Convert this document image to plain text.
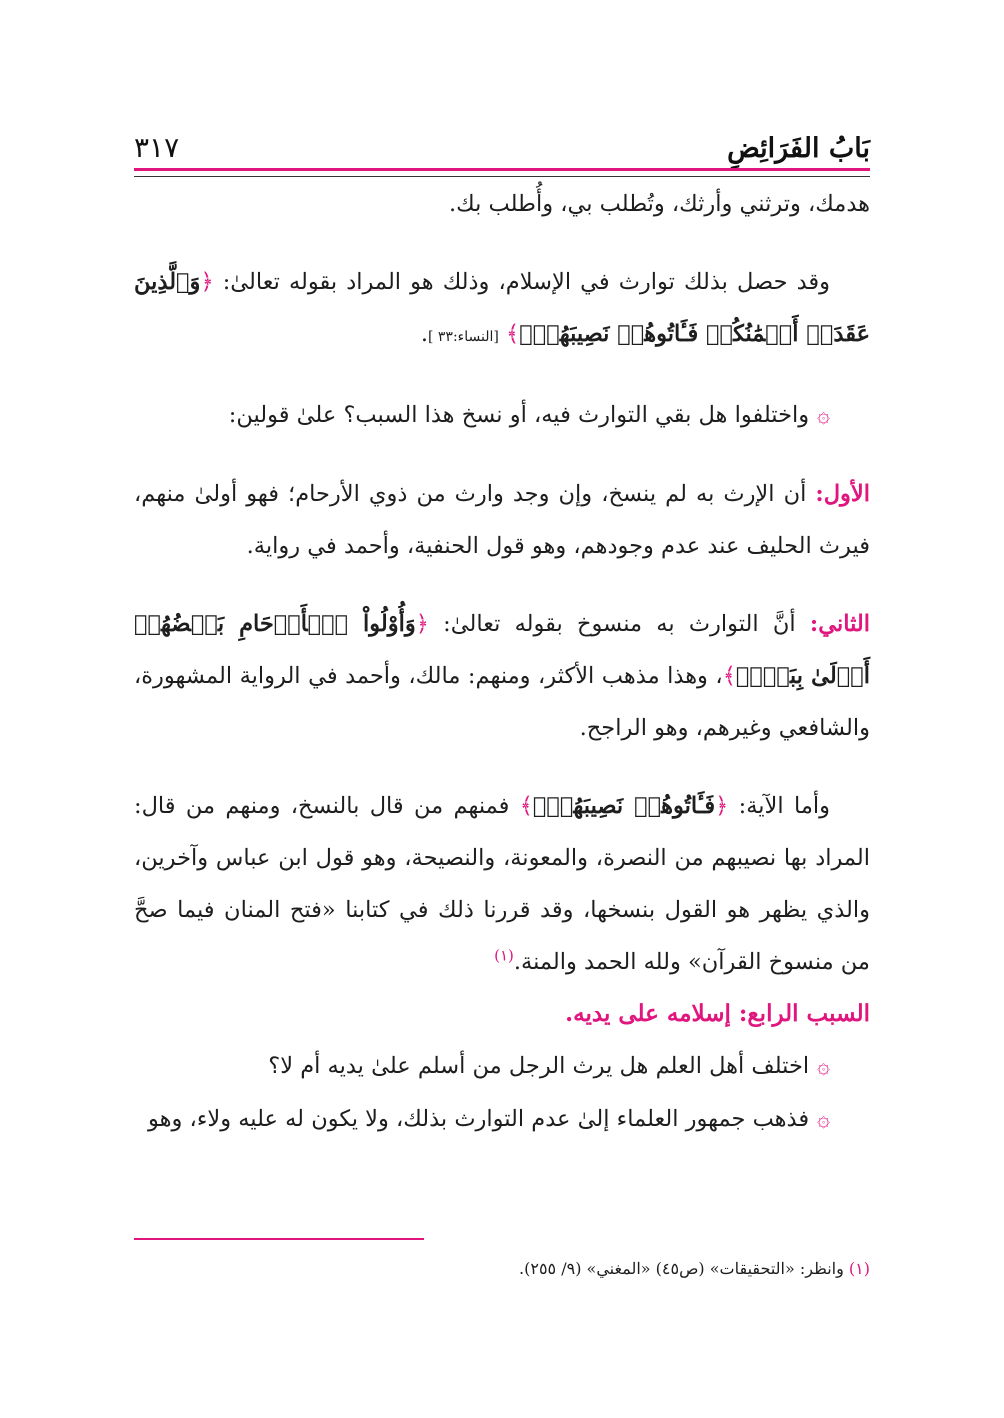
بَابُ الفَرَائِضِ
٣١٧

هدمك، وترثني وأرثك، وتُطلب بي، وأُطلب بك.

وقد حصل بذلك توارث في الإسلام، وذلك هو المراد بقوله تعالىٰ: ﴿وَٱلَّذِينَ عَقَدَتۡ أَيۡمَٰنُكُمۡ فَـَٔاتُوهُمۡ نَصِيبَهُمۡۚ﴾ [النساء:٣٣ ].

۞واختلفوا هل بقي التوارث فيه، أو نسخ هذا السبب؟ علىٰ قولين:

الأول: أن الإرث به لم ينسخ، وإن وجد وارث من ذوي الأرحام؛ فهو أولىٰ منهم، فيرث الحليف عند عدم وجودهم، وهو قول الحنفية، وأحمد في رواية.

الثاني: أنَّ التوارث به منسوخ بقوله تعالىٰ: ﴿وَأُوْلُواْ ٱلۡأَرۡحَامِ بَعۡضُهُمۡ أَوۡلَىٰ بِبَعۡضٖ﴾، وهذا مذهب الأكثر، ومنهم: مالك، وأحمد في الرواية المشهورة، والشافعي وغيرهم، وهو الراجح.

وأما الآية: ﴿فَـَٔاتُوهُمۡ نَصِيبَهُمۡۚ﴾ فمنهم من قال بالنسخ، ومنهم من قال: المراد بها نصيبهم من النصرة، والمعونة، والنصيحة، وهو قول ابن عباس وآخرين، والذي يظهر هو القول بنسخها، وقد قررنا ذلك في كتابنا «فتح المنان فيما صحَّ من منسوخ القرآن» ولله الحمد والمنة.$^{(١)}$

السبب الرابع: إسلامه على يديه.

۞اختلف أهل العلم هل يرث الرجل من أسلم علىٰ يديه أم لا؟

۞فذهب جمهور العلماء إلىٰ عدم التوارث بذلك، ولا يكون له عليه ولاء، وهو

(١) وانظر: «التحقيقات» (ص٤٥) «المغني» (٩/ ٢٥٥).
